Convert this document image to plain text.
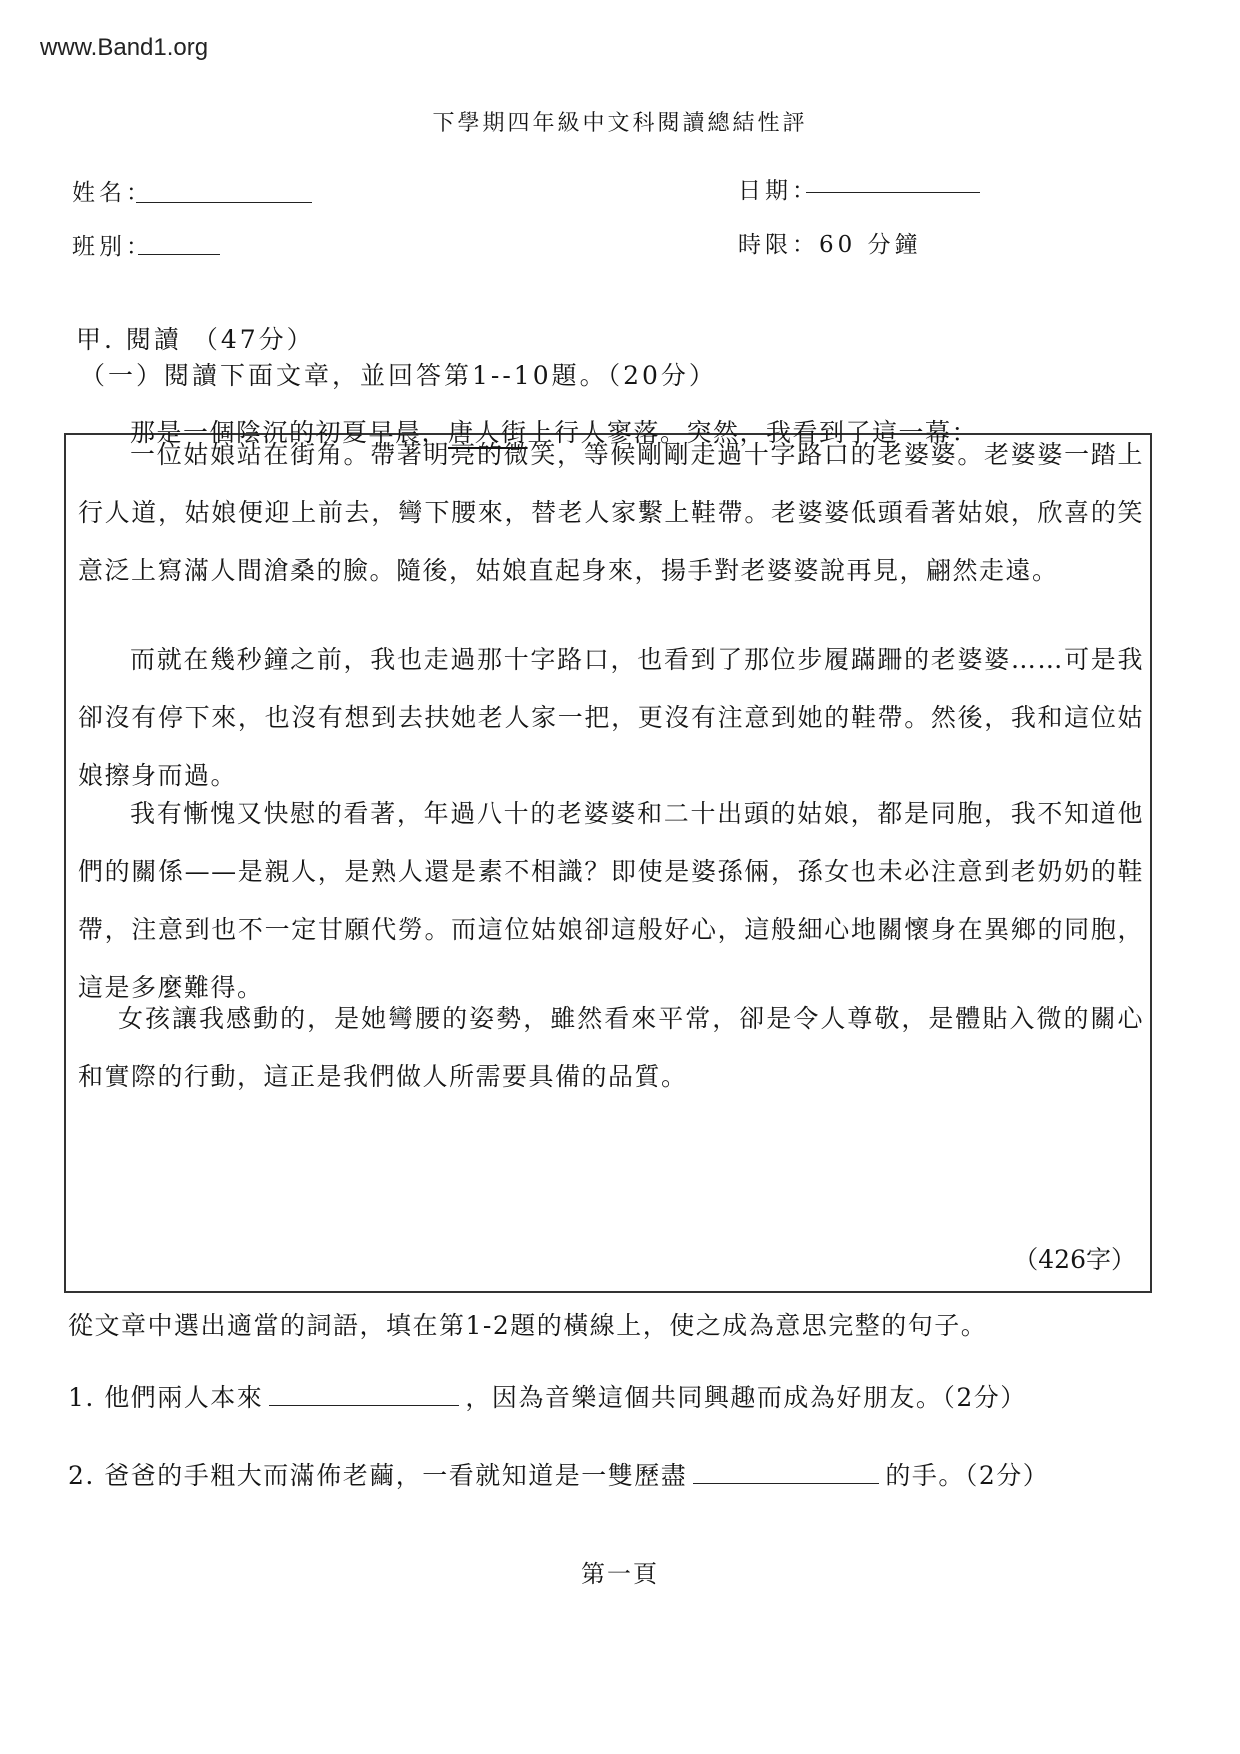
www.Band1.org
下學期四年級中文科閱讀總結性評
姓名：
班別：
日期：
時限：60 分鐘
甲. 閱讀 （47分）
（一）閱讀下面文章，並回答第1--10題。（20分）
那是一個陰沉的初夏早晨，唐人街上行人寥落。突然，我看到了這一幕：
一位姑娘站在街角。帶著明亮的微笑，等候剛剛走過十字路口的老婆婆。老婆婆一踏上行人道，姑娘便迎上前去，彎下腰來，替老人家繫上鞋帶。老婆婆低頭看著姑娘，欣喜的笑意泛上寫滿人間滄桑的臉。隨後，姑娘直起身來，揚手對老婆婆說再見，翩然走遠。
而就在幾秒鐘之前，我也走過那十字路口，也看到了那位步履蹣跚的老婆婆……可是我卻沒有停下來，也沒有想到去扶她老人家一把，更沒有注意到她的鞋帶。然後，我和這位姑娘擦身而過。
我有慚愧又快慰的看著，年過八十的老婆婆和二十出頭的姑娘，都是同胞，我不知道他們的關係——是親人，是熟人還是素不相識？即使是婆孫倆，孫女也未必注意到老奶奶的鞋帶，注意到也不一定甘願代勞。而這位姑娘卻這般好心，這般細心地關懷身在異鄉的同胞，這是多麼難得。
女孩讓我感動的，是她彎腰的姿勢，雖然看來平常，卻是令人尊敬，是體貼入微的關心和實際的行動，這正是我們做人所需要具備的品質。
（426字）
從文章中選出適當的詞語，填在第1-2題的橫線上，使之成為意思完整的句子。
1. 他們兩人本來	，因為音樂這個共同興趣而成為好朋友。（2分）
2. 爸爸的手粗大而滿佈老繭，一看就知道是一雙歷盡	的手。（2分）
第一頁
